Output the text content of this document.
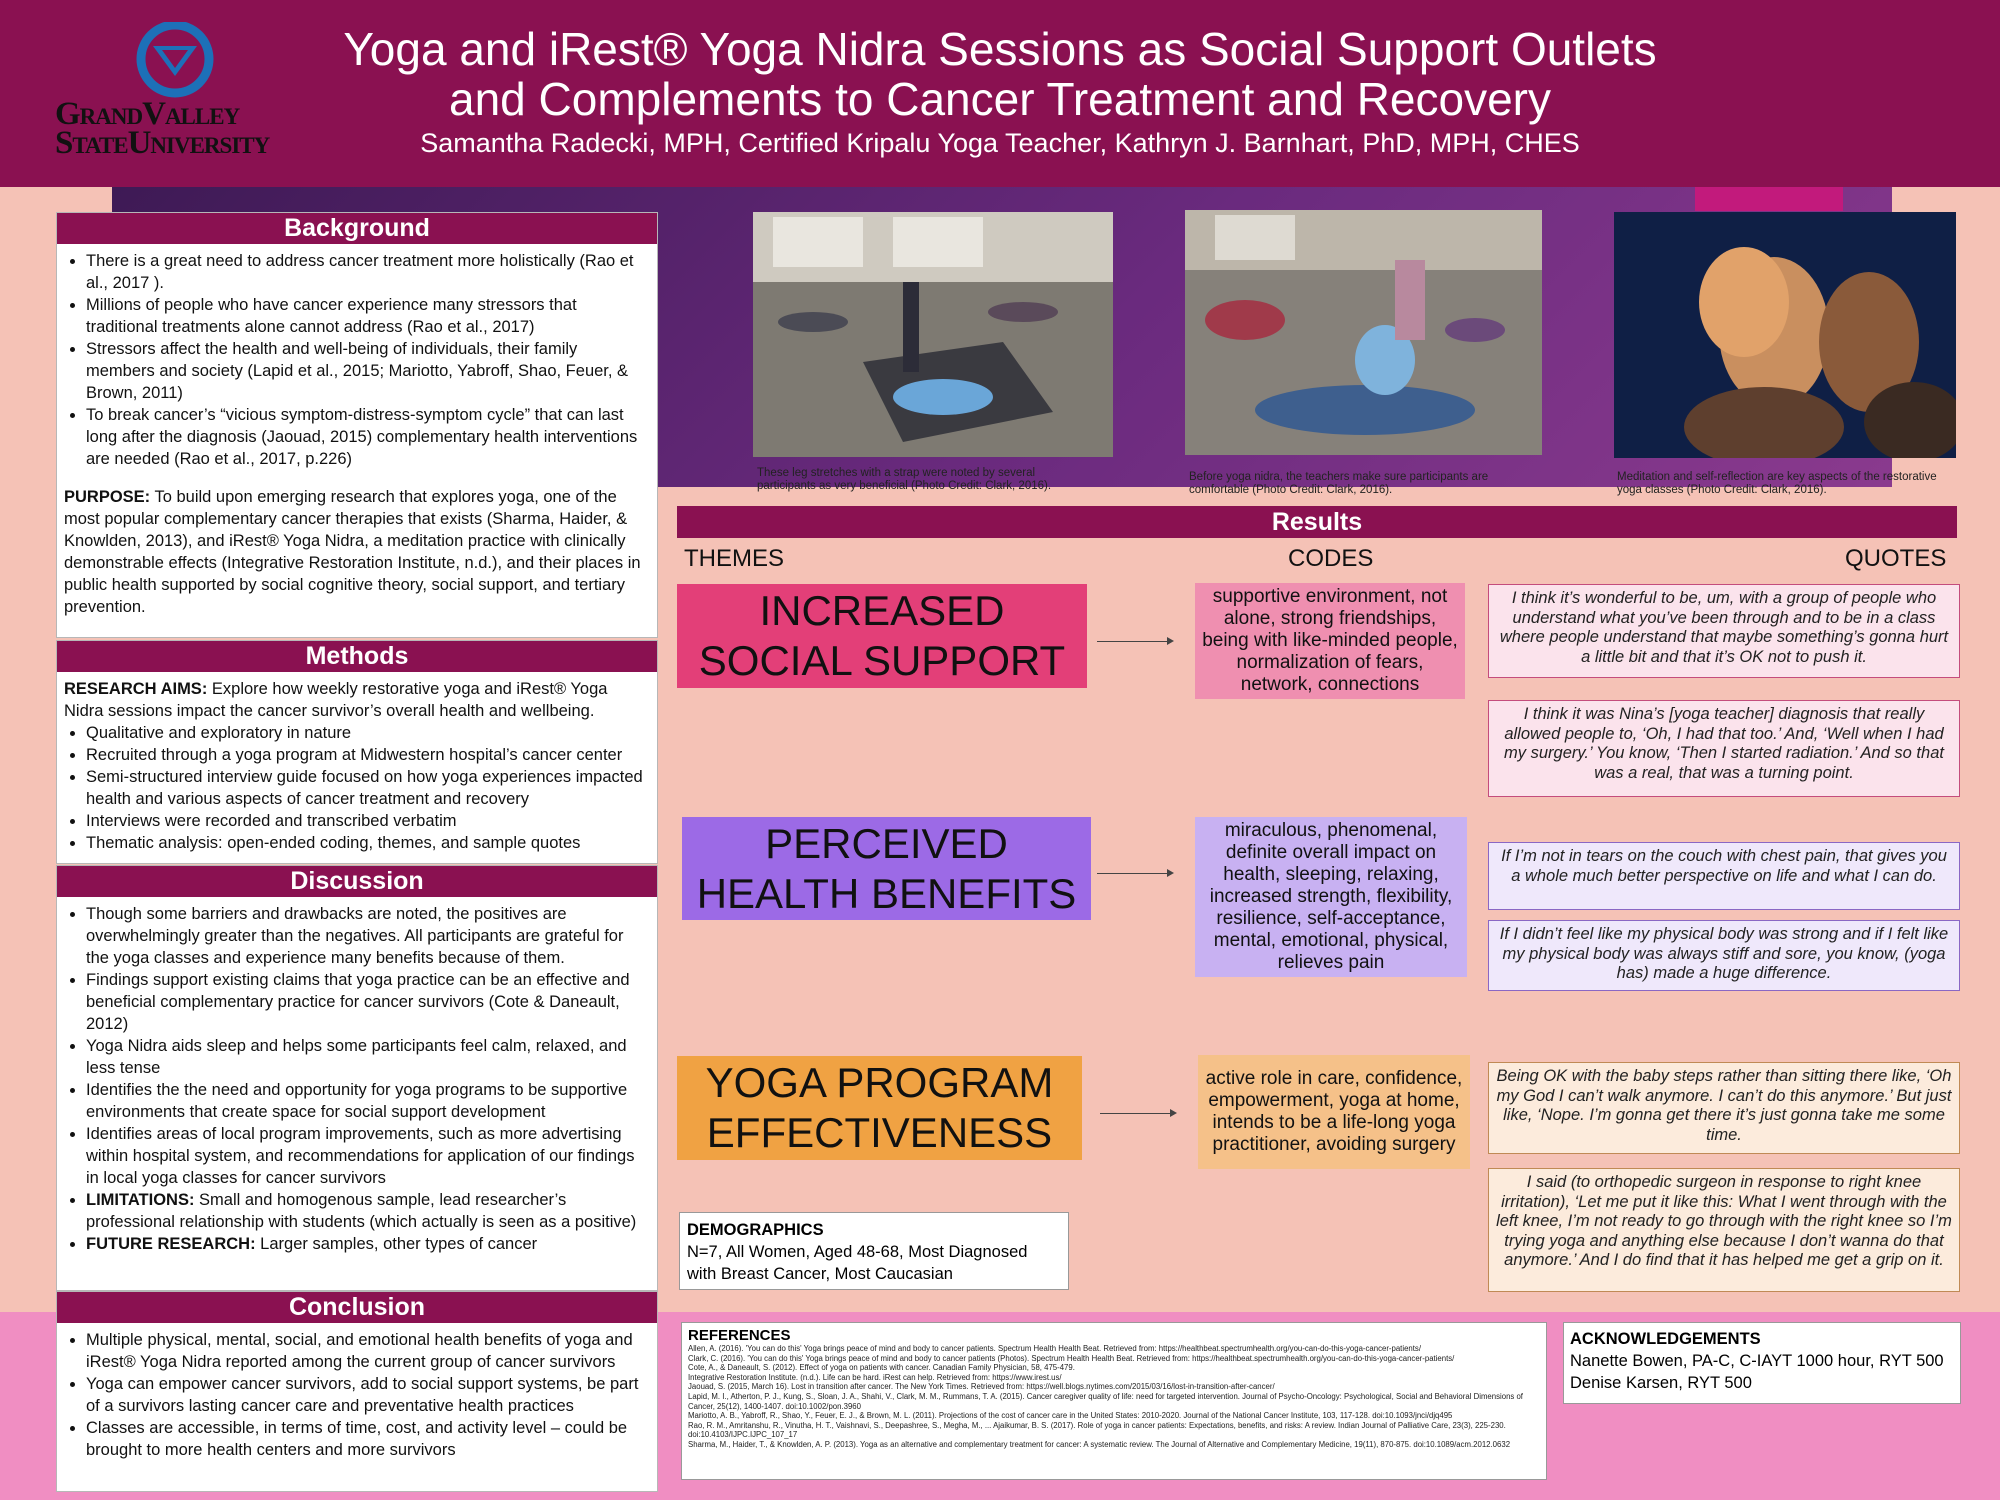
GrandValley
StateUniversity
Yoga and iRest® Yoga Nidra Sessions as Social Support Outlets and Complements to Cancer Treatment and Recovery
Samantha Radecki, MPH, Certified Kripalu Yoga Teacher, Kathryn J. Barnhart, PhD, MPH, CHES
Background
• There is a great need to address cancer treatment more holistically (Rao et al., 2017 ).
• Millions of people who have cancer experience many stressors that traditional treatments alone cannot address (Rao et al., 2017)
• Stressors affect the health and well-being of individuals, their family members and society (Lapid et al., 2015; Mariotto, Yabroff, Shao, Feuer, & Brown, 2011)
• To break cancer’s “vicious symptom-distress-symptom cycle” that can last long after the diagnosis (Jaouad, 2015) complementary health interventions are needed (Rao et al., 2017, p.226)
PURPOSE: To build upon emerging research that explores yoga, one of the most popular complementary cancer therapies that exists (Sharma, Haider, & Knowlden, 2013), and iRest® Yoga Nidra, a meditation practice with clinically demonstrable effects (Integrative Restoration Institute, n.d.), and their places in public health supported by social cognitive theory, social support, and tertiary prevention.
Methods
RESEARCH AIMS: Explore how weekly restorative yoga and iRest® Yoga Nidra sessions impact the cancer survivor’s overall health and wellbeing.
• Qualitative and exploratory in nature
• Recruited through a yoga program at Midwestern hospital’s cancer center
• Semi-structured interview guide focused on how yoga experiences impacted health and various aspects of cancer treatment and recovery
• Interviews were recorded and transcribed verbatim
• Thematic analysis: open-ended coding, themes, and sample quotes
Discussion
• Though some barriers and drawbacks are noted, the positives are overwhelmingly greater than the negatives. All participants are grateful for the yoga classes and experience many benefits because of them.
• Findings support existing claims that yoga practice can be an effective and beneficial complementary practice for cancer survivors (Cote & Daneault, 2012)
• Yoga Nidra aids sleep and helps some participants feel calm, relaxed, and less tense
• Identifies the the need and opportunity for yoga programs to be supportive environments that create space for social support development
• Identifies areas of local program improvements, such as more advertising within hospital system, and recommendations for application of our findings in local yoga classes for cancer survivors
• LIMITATIONS: Small and homogenous sample, lead researcher’s professional relationship with students (which actually is seen as a positive)
• FUTURE RESEARCH: Larger samples, other types of cancer
Conclusion
• Multiple physical, mental, social, and emotional health benefits of yoga and iRest® Yoga Nidra reported among the current group of cancer survivors
• Yoga can empower cancer survivors, add to social support systems, be part of a survivors lasting cancer care and preventative health practices
• Classes are accessible, in terms of time, cost, and activity level – could be brought to more health centers and more survivors
These leg stretches with a strap were noted by several participants as very beneficial (Photo Credit: Clark, 2016).
Before yoga nidra, the teachers make sure participants are comfortable (Photo Credit: Clark, 2016).
Meditation and self-reflection are key aspects of the restorative yoga classes (Photo Credit: Clark, 2016).
Results
THEMES	CODES	QUOTES
INCREASED SOCIAL SUPPORT
supportive environment, not alone, strong friendships, being with like-minded people, normalization of fears, network, connections
I think it’s wonderful to be, um, with a group of people who understand what you’ve been through and to be in a class where people understand that maybe something’s gonna hurt a little bit and that it’s OK not to push it.
I think it was Nina’s [yoga teacher] diagnosis that really allowed people to, ‘Oh, I had that too.’ And, ‘Well when I had my surgery.’ You know, ‘Then I started radiation.’ And so that was a real, that was a turning point.
PERCEIVED HEALTH BENEFITS
miraculous, phenomenal, definite overall impact on health, sleeping, relaxing, increased strength, flexibility, resilience, self-acceptance, mental, emotional, physical, relieves pain
If I’m not in tears on the couch with chest pain, that gives you a whole much better perspective on life and what I can do.
If I didn’t feel like my physical body was strong and if I felt like my physical body was always stiff and sore, you know, (yoga has) made a huge difference.
YOGA PROGRAM EFFECTIVENESS
active role in care, confidence, empowerment, yoga at home, intends to be a life-long yoga practitioner, avoiding surgery
Being OK with the baby steps rather than sitting there like, ‘Oh my God I can’t walk anymore. I can’t do this anymore.’ But just like, ‘Nope. I’m gonna get there it’s just gonna take me some time.
I said (to orthopedic surgeon in response to right knee irritation), ‘Let me put it like this: What I went through with the left knee, I’m not ready to go through with the right knee so I’m trying yoga and anything else because I don’t wanna do that anymore.’ And I do find that it has helped me get a grip on it.
DEMOGRAPHICS
N=7, All Women, Aged 48-68, Most Diagnosed with Breast Cancer, Most Caucasian
REFERENCES
Allen, A. (2016). 'You can do this' Yoga brings peace of mind and body to cancer patients. Spectrum Health Health Beat. Retrieved from: https://healthbeat.spectrumhealth.org/you-can-do-this-yoga-cancer-patients/
Clark, C. (2016). 'You can do this' Yoga brings peace of mind and body to cancer patients (Photos). Spectrum Health Health Beat. Retrieved from: https://healthbeat.spectrumhealth.org/you-can-do-this-yoga-cancer-patients/
Cote, A., & Daneault, S. (2012). Effect of yoga on patients with cancer. Canadian Family Physician, 58, 475-479.
Integrative Restoration Institute. (n.d.). Life can be hard. iRest can help. Retrieved from: https://www.irest.us/
Jaouad, S. (2015, March 16). Lost in transition after cancer. The New York Times. Retrieved from: https://well.blogs.nytimes.com/2015/03/16/lost-in-transition-after-cancer/
Lapid, M. I., Atherton, P. J., Kung, S., Sloan, J. A., Shahi, V., Clark, M. M., Rummans, T. A. (2015). Cancer caregiver quality of life: need for targeted intervention. Journal of Psycho-Oncology: Psychological, Social and Behavioral Dimensions of Cancer, 25(12), 1400-1407. doi:10.1002/pon.3960
Mariotto, A. B., Yabroff, R., Shao, Y., Feuer, E. J., & Brown, M. L. (2011). Projections of the cost of cancer care in the United States: 2010-2020. Journal of the National Cancer Institute, 103, 117-128. doi:10.1093/jnci/djq495
Rao, R. M., Amritanshu, R., Vinutha, H. T., Vaishnavi, S., Deepashree, S., Megha, M., ... Ajaikumar, B. S. (2017). Role of yoga in cancer patients: Expectations, benefits, and risks: A review. Indian Journal of Palliative Care, 23(3), 225-230. doi:10.4103/IJPC.IJPC_107_17
Sharma, M., Haider, T., & Knowlden, A. P. (2013). Yoga as an alternative and complementary treatment for cancer: A systematic review. The Journal of Alternative and Complementary Medicine, 19(11), 870-875. doi:10.1089/acm.2012.0632
ACKNOWLEDGEMENTS
Nanette Bowen, PA-C, C-IAYT 1000 hour, RYT 500
Denise Karsen, RYT 500
